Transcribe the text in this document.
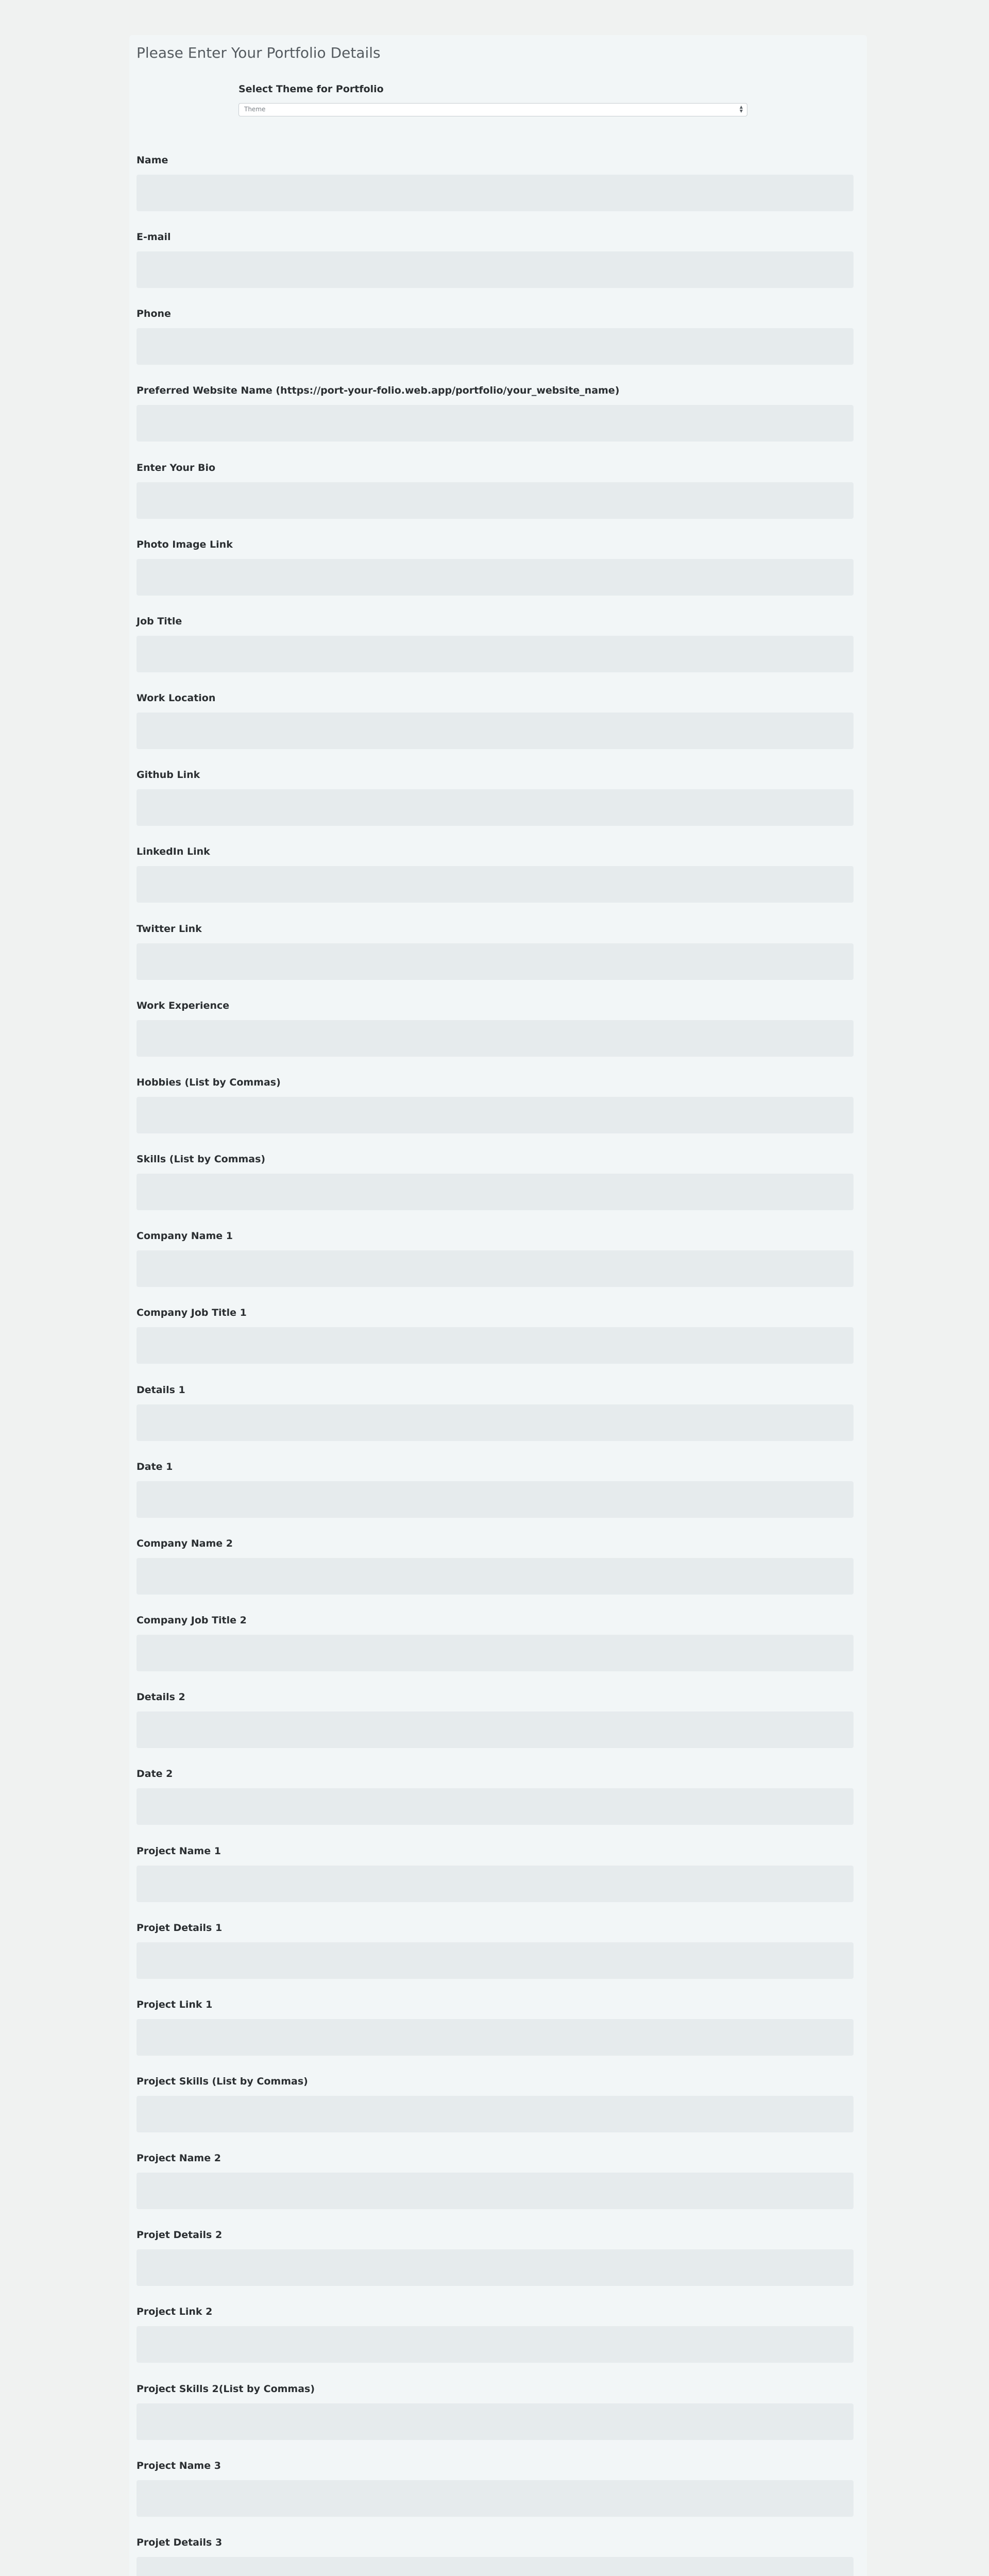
Please Enter Your Portfolio Details
Select Theme for Portfolio
Theme	▲
▼
Name
E-mail
Phone
Preferred Website Name (https://port-your-folio.web.app/portfolio/your_website_name)
Enter Your Bio
Photo Image Link
Job Title
Work Location
Github Link
LinkedIn Link
Twitter Link
Work Experience
Hobbies (List by Commas)
Skills (List by Commas)
Company Name 1
Company Job Title 1
Details 1
Date 1
Company Name 2
Company Job Title 2
Details 2
Date 2
Project Name 1
Projet Details 1
Project Link 1
Project Skills (List by Commas)
Project Name 2
Projet Details 2
Project Link 2
Project Skills 2(List by Commas)
Project Name 3
Projet Details 3
